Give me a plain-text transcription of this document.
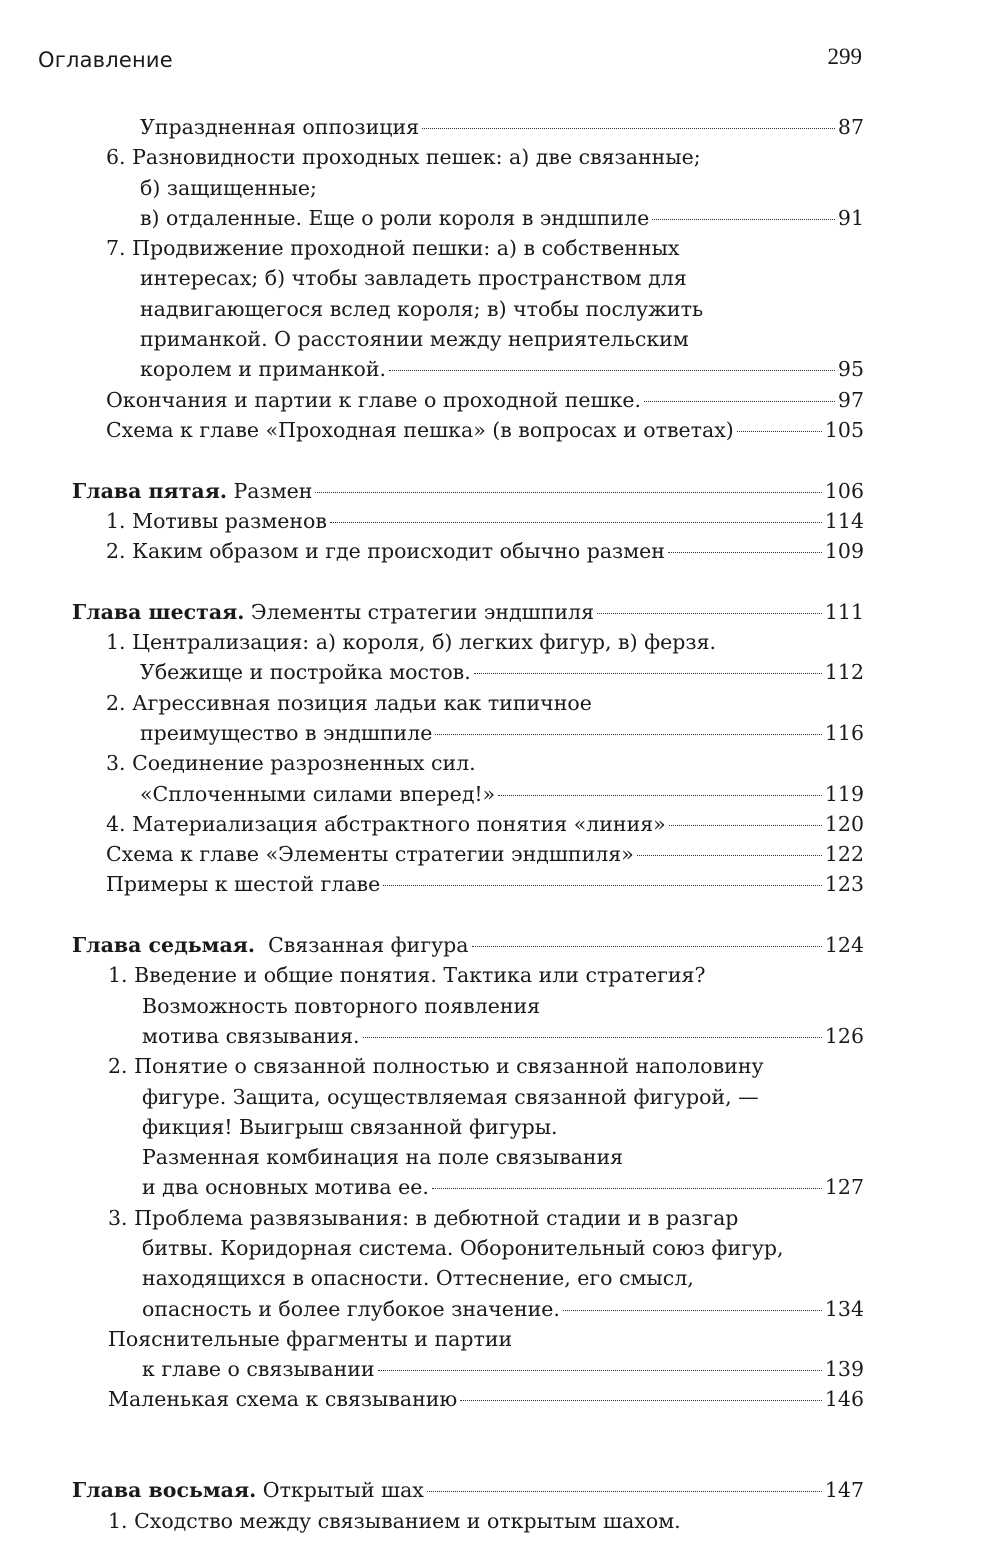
Оглавление	299
Упраздненная оппозиция	87
6. Разновидности проходных пешек: а) две связанные;
б) защищенные;
в) отдаленные. Еще о роли короля в эндшпиле	91
7. Продвижение проходной пешки: а) в собственных
интересах; б) чтобы завладеть пространством для
надвигающегося вслед короля; в) чтобы послужить
приманкой. О расстоянии между неприятельским
королем и приманкой.	95
Окончания и партии к главе о проходной пешке.	97
Схема к главе «Проходная пешка» (в вопросах и ответах)	105
Глава пятая. Размен	106
1. Мотивы разменов	114
2. Каким образом и где происходит обычно размен	109
Глава шестая. Элементы стратегии эндшпиля	111
1. Централизация: а) короля, б) легких фигур, в) ферзя.
Убежище и постройка мостов.	112
2. Агрессивная позиция ладьи как типичное
преимущество в эндшпиле	116
3. Соединение разрозненных сил.
«Сплоченными силами вперед!»	119
4. Материализация абстрактного понятия «линия»	120
Схема к главе «Элементы стратегии эндшпиля»	122
Примеры к шестой главе	123
Глава седьмая. Связанная фигура	124
1. Введение и общие понятия. Тактика или стратегия?
Возможность повторного появления
мотива связывания.	126
2. Понятие о связанной полностью и связанной наполовину
фигуре. Защита, осуществляемая связанной фигурой, —
фикция! Выигрыш связанной фигуры.
Разменная комбинация на поле связывания
и два основных мотива ее.	127
3. Проблема развязывания: в дебютной стадии и в разгар
битвы. Коридорная система. Оборонительный союз фигур,
находящихся в опасности. Оттеснение, его смысл,
опасность и более глубокое значение.	134
Пояснительные фрагменты и партии
к главе о связывании	139
Маленькая схема к связыванию	146
Глава восьмая. Открытый шах	147
1. Сходство между связыванием и открытым шахом.
